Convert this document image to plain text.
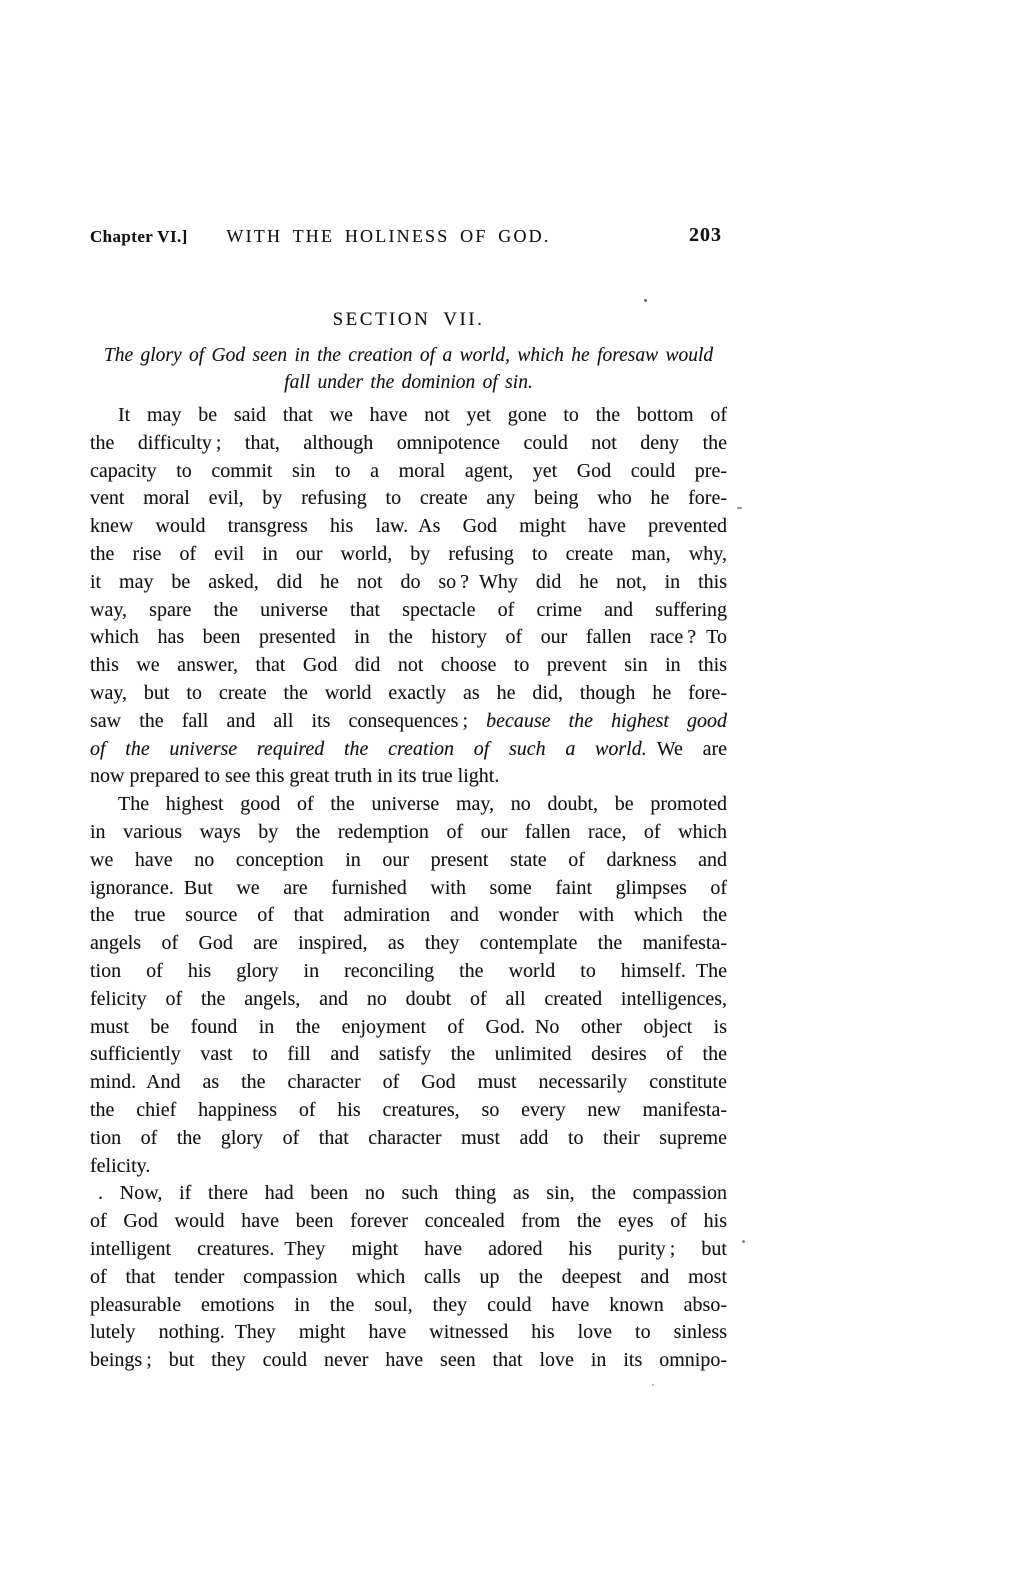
Chapter VI.]	WITH THE HOLINESS OF GOD.	203
SECTION VII.
The glory of God seen in the creation of a world, which he foresaw would
fall under the dominion of sin.
It may be said that we have not yet gone to the bottom of
the difficulty ; that, although omnipotence could not deny the
capacity to commit sin to a moral agent, yet God could pre-
vent moral evil, by refusing to create any being who he fore-
knew would transgress his law. As God might have prevented
the rise of evil in our world, by refusing to create man, why,
it may be asked, did he not do so ? Why did he not, in this
way, spare the universe that spectacle of crime and suffering
which has been presented in the history of our fallen race ? To
this we answer, that God did not choose to prevent sin in this
way, but to create the world exactly as he did, though he fore-
saw the fall and all its consequences ; because the highest good
of the universe required the creation of such a world. We are
now prepared to see this great truth in its true light.
The highest good of the universe may, no doubt, be promoted
in various ways by the redemption of our fallen race, of which
we have no conception in our present state of darkness and
ignorance. But we are furnished with some faint glimpses of
the true source of that admiration and wonder with which the
angels of God are inspired, as they contemplate the manifesta-
tion of his glory in reconciling the world to himself. The
felicity of the angels, and no doubt of all created intelligences,
must be found in the enjoyment of God. No other object is
sufficiently vast to fill and satisfy the unlimited desires of the
mind. And as the character of God must necessarily constitute
the chief happiness of his creatures, so every new manifesta-
tion of the glory of that character must add to their supreme
felicity.
. Now, if there had been no such thing as sin, the compassion
of God would have been forever concealed from the eyes of his
intelligent creatures. They might have adored his purity ; but
of that tender compassion which calls up the deepest and most
pleasurable emotions in the soul, they could have known abso-
lutely nothing. They might have witnessed his love to sinless
beings ; but they could never have seen that love in its omnipo-
